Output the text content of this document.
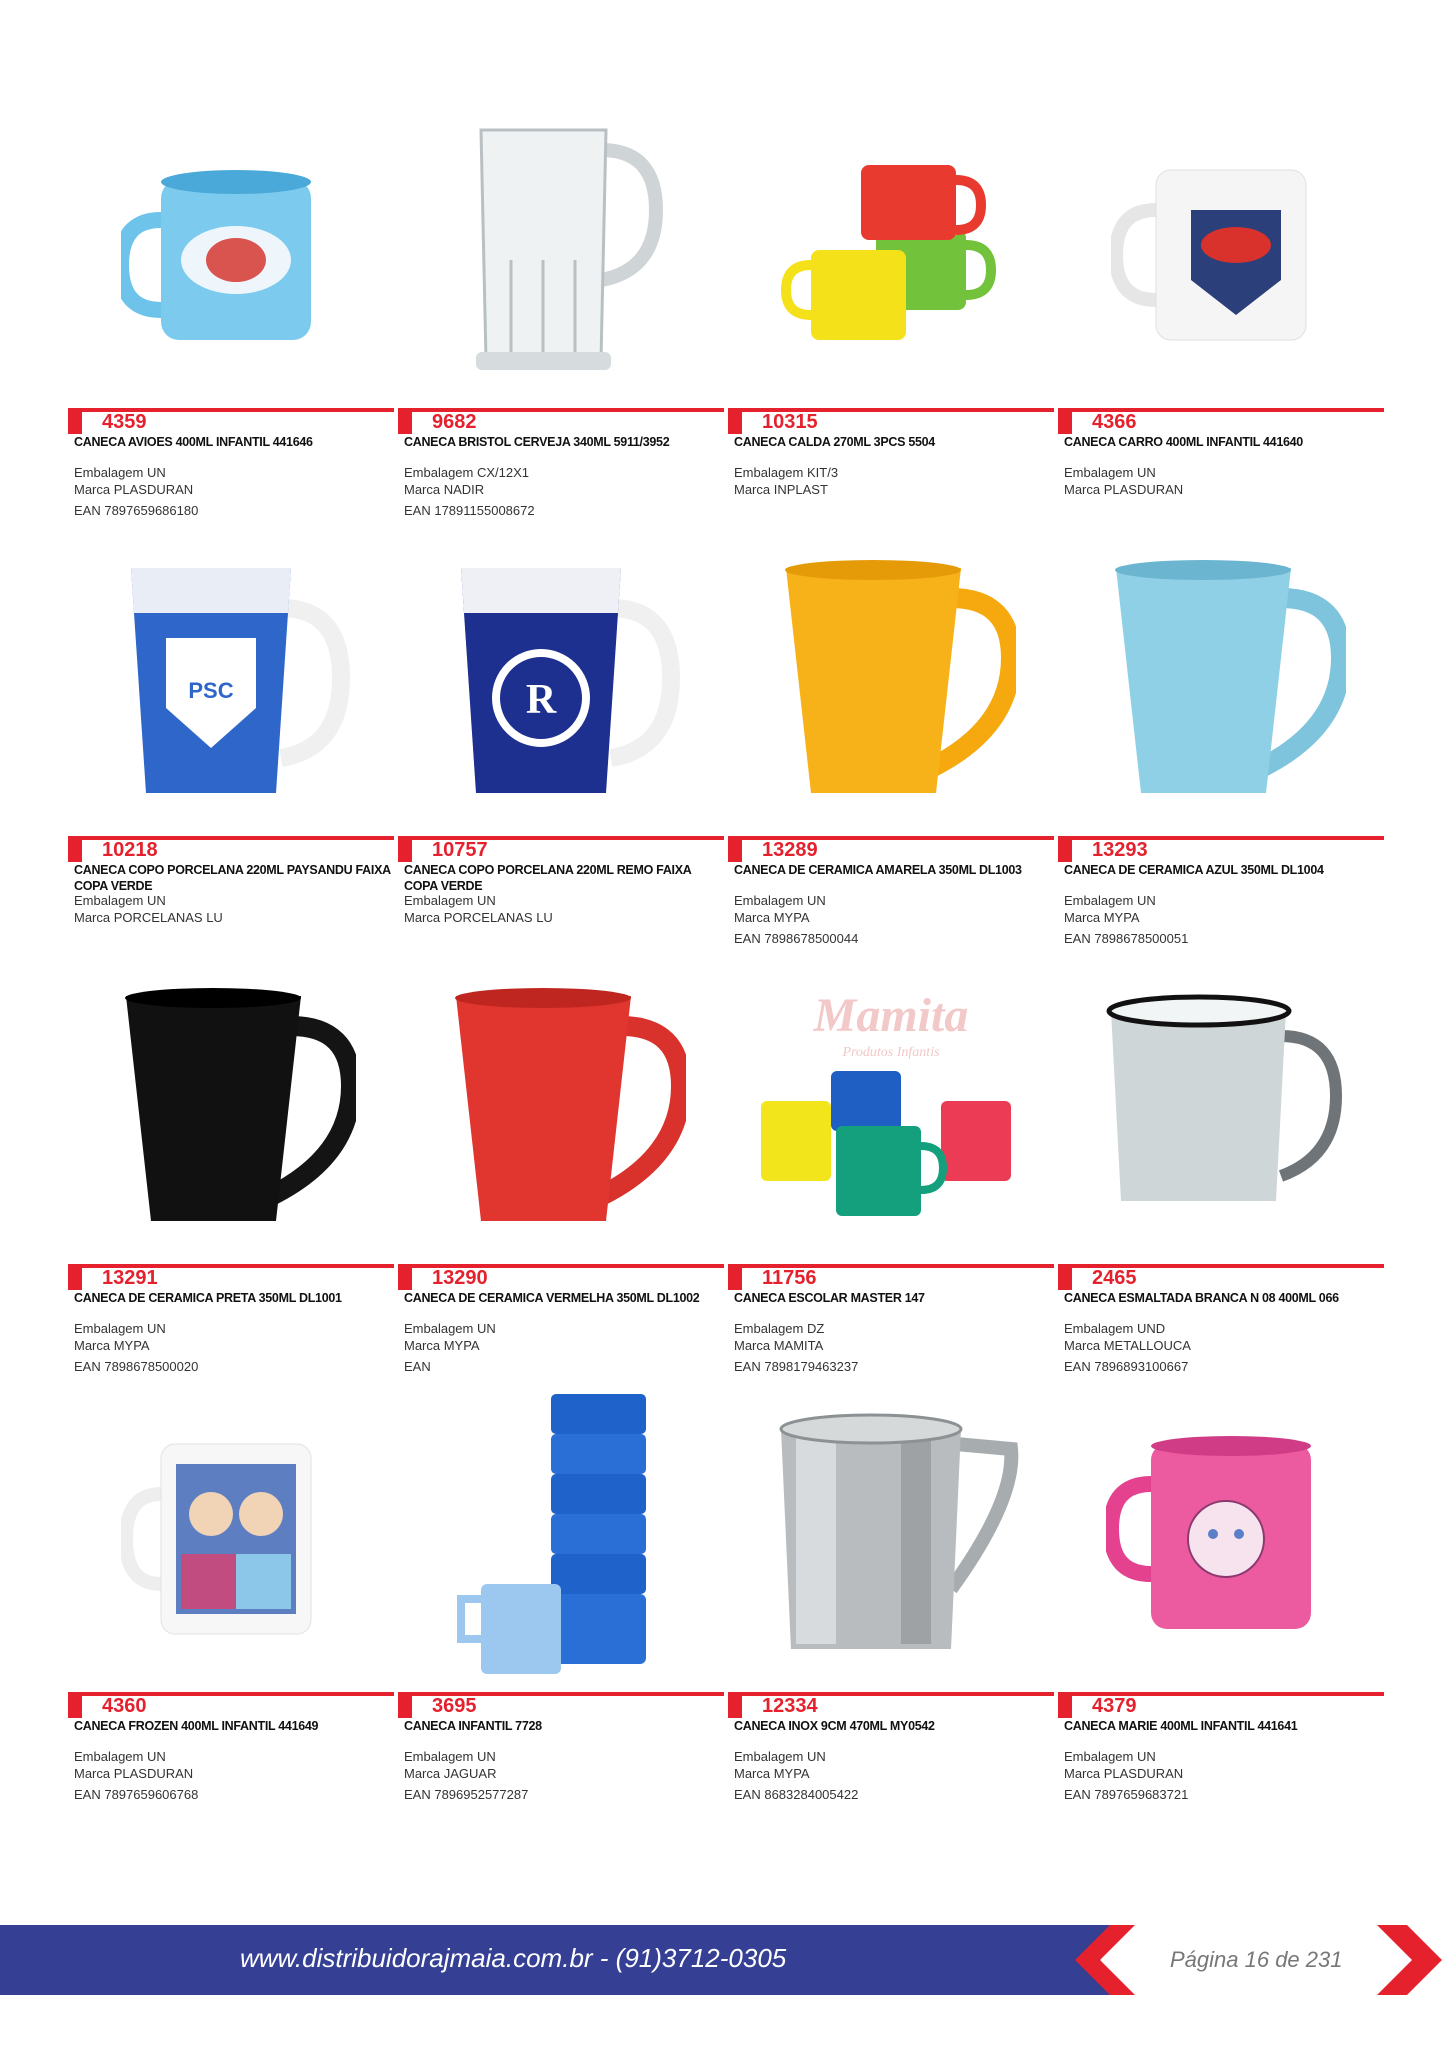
4359
CANECA AVIOES 400ML INFANTIL 441646
Embalagem UN
Marca PLASDURAN
EAN 7897659686180
9682
CANECA BRISTOL CERVEJA 340ML 5911/3952
Embalagem CX/12X1
Marca NADIR
EAN 17891155008672
10315
CANECA CALDA 270ML 3PCS 5504
Embalagem KIT/3
Marca INPLAST
4366
CANECA CARRO 400ML INFANTIL 441640
Embalagem UN
Marca PLASDURAN
PSC
10218
CANECA COPO PORCELANA 220ML PAYSANDU FAIXA COPA VERDE
Embalagem UN
Marca PORCELANAS LU
R
10757
CANECA COPO PORCELANA 220ML REMO FAIXA COPA VERDE
Embalagem UN
Marca PORCELANAS LU
13289
CANECA DE CERAMICA AMARELA 350ML DL1003
Embalagem UN
Marca MYPA
EAN 7898678500044
13293
CANECA DE CERAMICA AZUL 350ML DL1004
Embalagem UN
Marca MYPA
EAN 7898678500051
13291
CANECA DE CERAMICA PRETA 350ML DL1001
Embalagem UN
Marca MYPA
EAN 7898678500020
13290
CANECA DE CERAMICA VERMELHA 350ML DL1002
Embalagem UN
Marca MYPA
EAN
Mamita
Produtos Infantis
11756
CANECA ESCOLAR MASTER 147
Embalagem DZ
Marca MAMITA
EAN 7898179463237
2465
CANECA ESMALTADA BRANCA N 08 400ML 066
Embalagem UND
Marca METALLOUCA
EAN 7896893100667
4360
CANECA FROZEN 400ML INFANTIL 441649
Embalagem UN
Marca PLASDURAN
EAN 7897659606768
3695
CANECA INFANTIL 7728
Embalagem UN
Marca JAGUAR
EAN 7896952577287
12334
CANECA INOX 9CM 470ML MY0542
Embalagem UN
Marca MYPA
EAN 8683284005422
4379
CANECA MARIE 400ML INFANTIL 441641
Embalagem UN
Marca PLASDURAN
EAN 7897659683721
www.distribuidorajmaia.com.br - (91)3712-0305	Página 16 de 231
